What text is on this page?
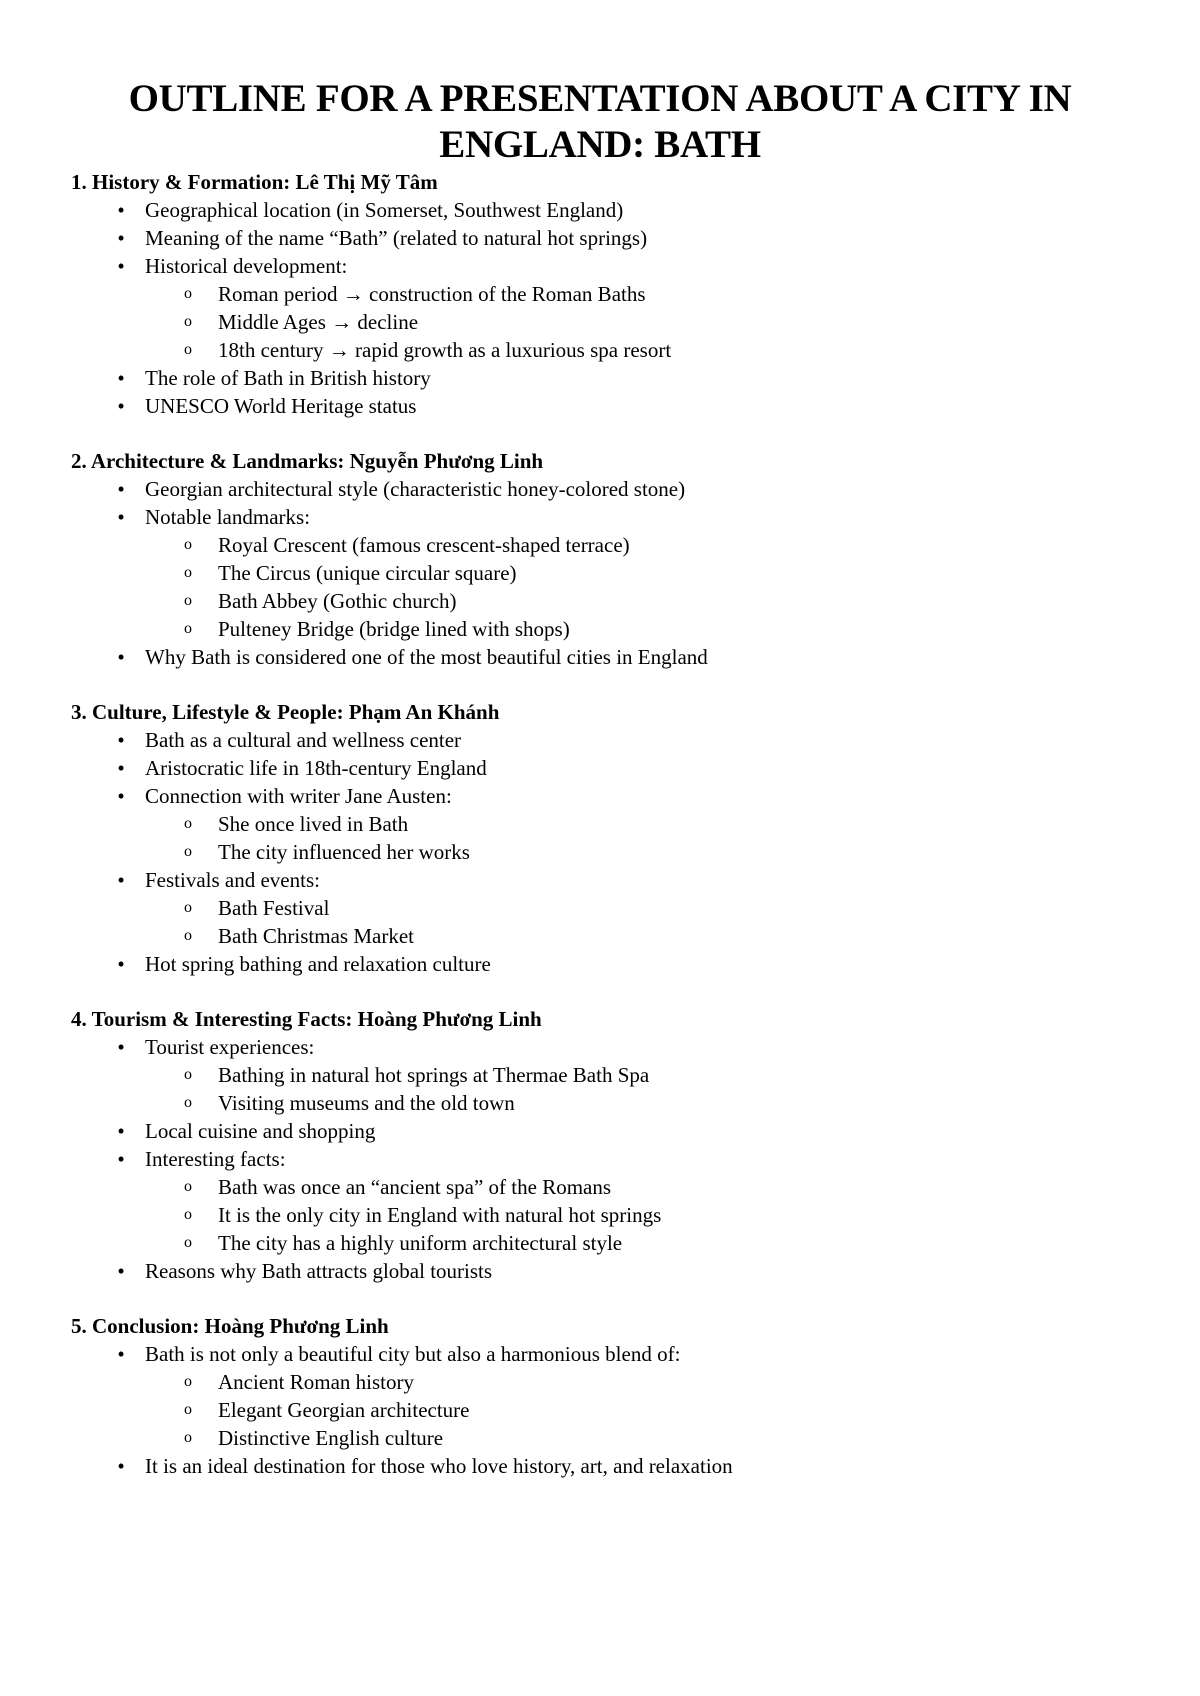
OUTLINE FOR A PRESENTATION ABOUT A CITY IN
ENGLAND: BATH
1. History & Formation: Lê Thị Mỹ Tâm
• Geographical location (in Somerset, Southwest England)
• Meaning of the name “Bath” (related to natural hot springs)
• Historical development:
o Roman period → construction of the Roman Baths
o Middle Ages → decline
o 18th century → rapid growth as a luxurious spa resort
• The role of Bath in British history
• UNESCO World Heritage status
2. Architecture & Landmarks: Nguyễn Phương Linh
• Georgian architectural style (characteristic honey-colored stone)
• Notable landmarks:
o Royal Crescent (famous crescent-shaped terrace)
o The Circus (unique circular square)
o Bath Abbey (Gothic church)
o Pulteney Bridge (bridge lined with shops)
• Why Bath is considered one of the most beautiful cities in England
3. Culture, Lifestyle & People: Phạm An Khánh
• Bath as a cultural and wellness center
• Aristocratic life in 18th-century England
• Connection with writer Jane Austen:
o She once lived in Bath
o The city influenced her works
• Festivals and events:
o Bath Festival
o Bath Christmas Market
• Hot spring bathing and relaxation culture
4. Tourism & Interesting Facts: Hoàng Phương Linh
• Tourist experiences:
o Bathing in natural hot springs at Thermae Bath Spa
o Visiting museums and the old town
• Local cuisine and shopping
• Interesting facts:
o Bath was once an “ancient spa” of the Romans
o It is the only city in England with natural hot springs
o The city has a highly uniform architectural style
• Reasons why Bath attracts global tourists
5. Conclusion: Hoàng Phương Linh
• Bath is not only a beautiful city but also a harmonious blend of:
o Ancient Roman history
o Elegant Georgian architecture
o Distinctive English culture
• It is an ideal destination for those who love history, art, and relaxation
